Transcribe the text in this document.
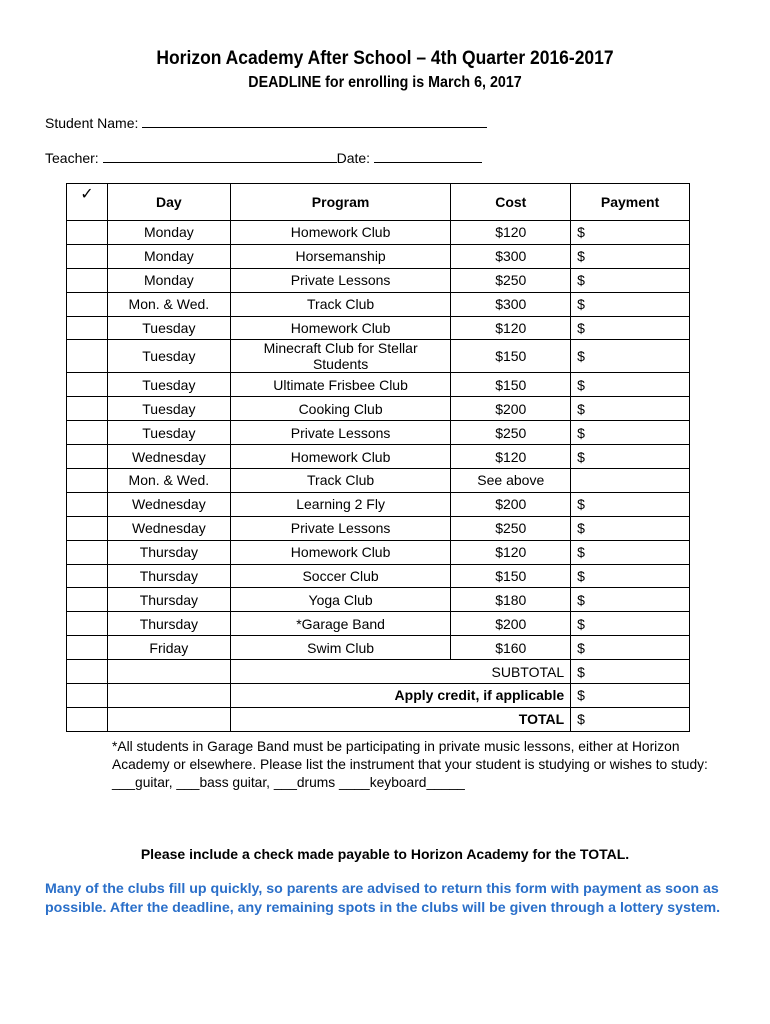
Horizon Academy After School – 4th Quarter 2016-2017
DEADLINE for enrolling is March 6, 2017
Student Name:
Teacher:	Date:
✓	Day	Program	Cost	Payment
	Monday	Homework Club	$120	$
	Monday	Horsemanship	$300	$
	Monday	Private Lessons	$250	$
	Mon. & Wed.	Track Club	$300	$
	Tuesday	Homework Club	$120	$
	Tuesday	Minecraft Club for Stellar Students	$150	$
	Tuesday	Ultimate Frisbee Club	$150	$
	Tuesday	Cooking Club	$200	$
	Tuesday	Private Lessons	$250	$
	Wednesday	Homework Club	$120	$
	Mon. & Wed.	Track Club	See above	
	Wednesday	Learning 2 Fly	$200	$
	Wednesday	Private Lessons	$250	$
	Thursday	Homework Club	$120	$
	Thursday	Soccer Club	$150	$
	Thursday	Yoga Club	$180	$
	Thursday	*Garage Band	$200	$
	Friday	Swim Club	$160	$
		SUBTOTAL		$
		Apply credit, if applicable		$
		TOTAL		$
*All students in Garage Band must be participating in private music lessons, either at Horizon Academy or elsewhere. Please list the instrument that your student is studying or wishes to study: ___guitar, ___bass guitar, ___drums ____keyboard_____
Please include a check made payable to Horizon Academy for the TOTAL.
Many of the clubs fill up quickly, so parents are advised to return this form with payment as soon as possible. After the deadline, any remaining spots in the clubs will be given through a lottery system.
